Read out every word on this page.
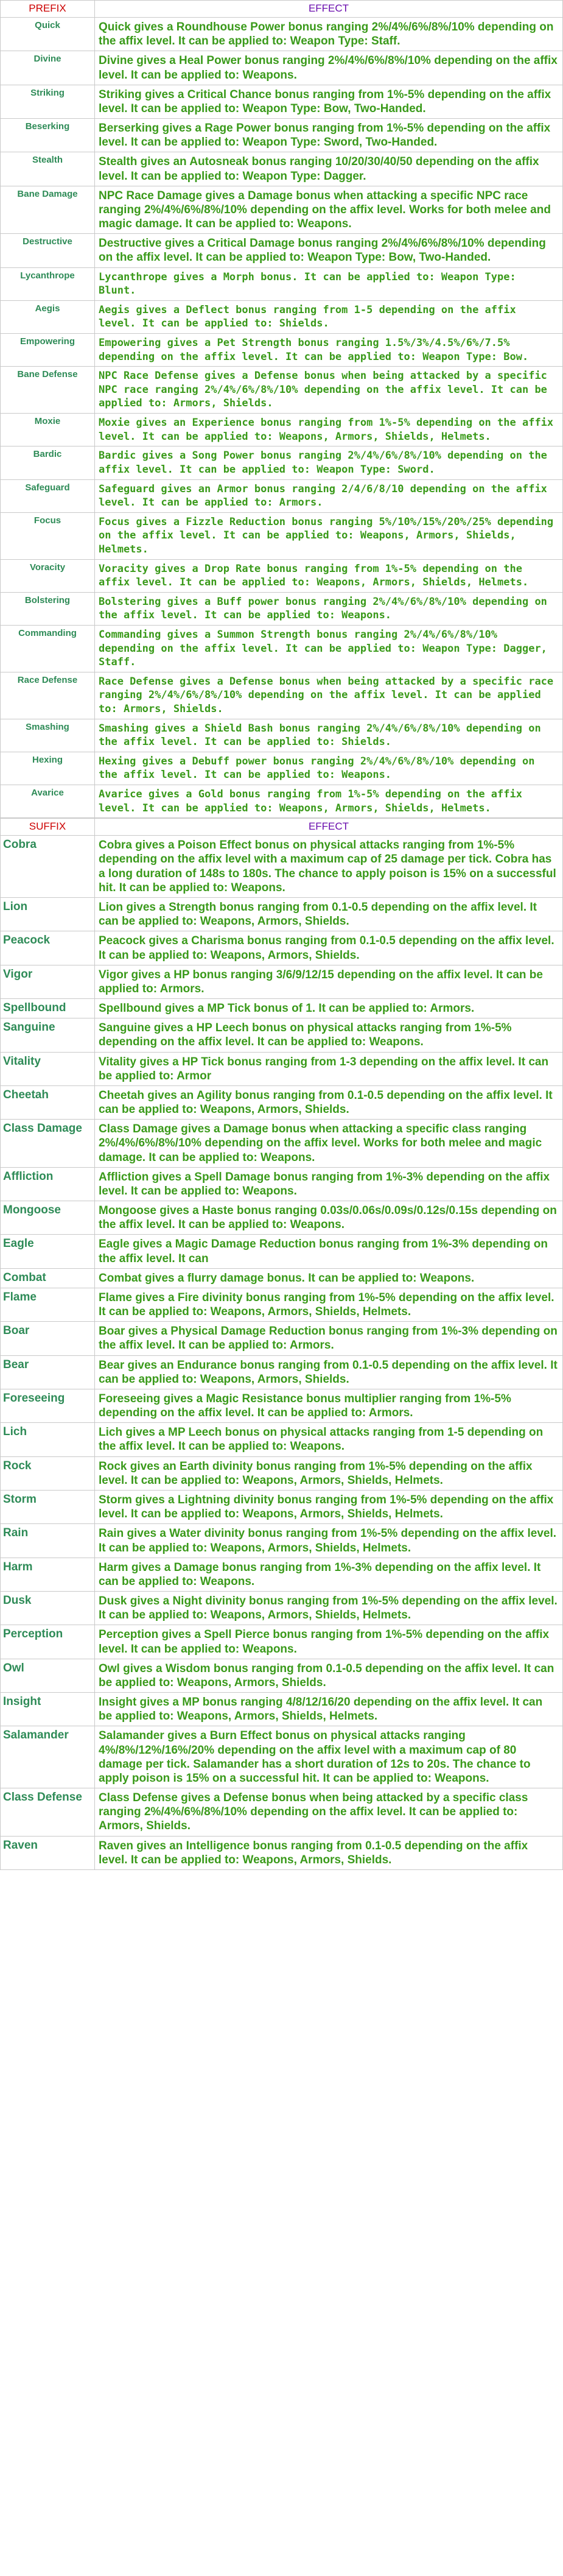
PREFIX	EFFECT
Quick	Quick gives a Roundhouse Power bonus ranging 2%/4%/6%/8%/10% depending on the affix level. It can be applied to: Weapon Type: Staff.
Divine	Divine gives a Heal Power bonus ranging 2%/4%/6%/8%/10% depending on the affix level. It can be applied to: Weapons.
Striking	Striking gives a Critical Chance bonus ranging from 1%-5% depending on the affix level. It can be applied to: Weapon Type: Bow, Two-Handed.
Beserking	Berserking gives a Rage Power bonus ranging from 1%-5% depending on the affix level. It can be applied to: Weapon Type: Sword, Two-Handed.
Stealth	Stealth gives an Autosneak bonus ranging 10/20/30/40/50 depending on the affix level. It can be applied to: Weapon Type: Dagger.
Bane Damage	NPC Race Damage gives a Damage bonus when attacking a specific NPC race ranging 2%/4%/6%/8%/10% depending on the affix level. Works for both melee and magic damage. It can be applied to: Weapons.
Destructive	Destructive gives a Critical Damage bonus ranging 2%/4%/6%/8%/10% depending on the affix level. It can be applied to: Weapon Type: Bow, Two-Handed.
Lycanthrope	Lycanthrope gives a Morph bonus. It can be applied to: Weapon Type: Blunt.
Aegis	Aegis gives a Deflect bonus ranging from 1-5 depending on the affix level. It can be applied to: Shields.
Empowering	Empowering gives a Pet Strength bonus ranging 1.5%/3%/4.5%/6%/7.5% depending on the affix level. It can be applied to: Weapon Type: Bow.
Bane Defense	NPC Race Defense gives a Defense bonus when being attacked by a specific NPC race ranging 2%/4%/6%/8%/10% depending on the affix level. It can be applied to: Armors, Shields.
Moxie	Moxie gives an Experience bonus ranging from 1%-5% depending on the affix level. It can be applied to: Weapons, Armors, Shields, Helmets.
Bardic	Bardic gives a Song Power bonus ranging 2%/4%/6%/8%/10% depending on the affix level. It can be applied to: Weapon Type: Sword.
Safeguard	Safeguard gives an Armor bonus ranging 2/4/6/8/10 depending on the affix level. It can be applied to: Armors.
Focus	Focus gives a Fizzle Reduction bonus ranging 5%/10%/15%/20%/25% depending on the affix level. It can be applied to: Weapons, Armors, Shields, Helmets.
Voracity	Voracity gives a Drop Rate bonus ranging from 1%-5% depending on the affix level. It can be applied to: Weapons, Armors, Shields, Helmets.
Bolstering	Bolstering gives a Buff power bonus ranging 2%/4%/6%/8%/10% depending on the affix level. It can be applied to: Weapons.
Commanding	Commanding gives a Summon Strength bonus ranging 2%/4%/6%/8%/10% depending on the affix level. It can be applied to: Weapon Type: Dagger, Staff.
Race Defense	Race Defense gives a Defense bonus when being attacked by a specific race ranging 2%/4%/6%/8%/10% depending on the affix level. It can be applied to: Armors, Shields.
Smashing	Smashing gives a Shield Bash bonus ranging 2%/4%/6%/8%/10% depending on the affix level. It can be applied to: Shields.
Hexing	Hexing gives a Debuff power bonus ranging 2%/4%/6%/8%/10% depending on the affix level. It can be applied to: Weapons.
Avarice	Avarice gives a Gold bonus ranging from 1%-5% depending on the affix level. It can be applied to: Weapons, Armors, Shields, Helmets.
SUFFIX	EFFECT
Cobra	Cobra gives a Poison Effect bonus on physical attacks ranging from 1%-5% depending on the affix level with a maximum cap of 25 damage per tick. Cobra has a long duration of 148s to 180s. The chance to apply poison is 15% on a successful hit. It can be applied to: Weapons.
Lion	Lion gives a Strength bonus ranging from 0.1-0.5 depending on the affix level. It can be applied to: Weapons, Armors, Shields.
Peacock	Peacock gives a Charisma bonus ranging from 0.1-0.5 depending on the affix level. It can be applied to: Weapons, Armors, Shields.
Vigor	Vigor gives a HP bonus ranging 3/6/9/12/15 depending on the affix level. It can be applied to: Armors.
Spellbound	Spellbound gives a MP Tick bonus of 1. It can be applied to: Armors.
Sanguine	Sanguine gives a HP Leech bonus on physical attacks ranging from 1%-5% depending on the affix level. It can be applied to: Weapons.
Vitality	Vitality gives a HP Tick bonus ranging from 1-3 depending on the affix level. It can be applied to: Armor
Cheetah	Cheetah gives an Agility bonus ranging from 0.1-0.5 depending on the affix level. It can be applied to: Weapons, Armors, Shields.
Class Damage	Class Damage gives a Damage bonus when attacking a specific class ranging 2%/4%/6%/8%/10% depending on the affix level. Works for both melee and magic damage. It can be applied to: Weapons.
Affliction	Affliction gives a Spell Damage bonus ranging from 1%-3% depending on the affix level. It can be applied to: Weapons.
Mongoose	Mongoose gives a Haste bonus ranging 0.03s/0.06s/0.09s/0.12s/0.15s depending on the affix level. It can be applied to: Weapons.
Eagle	Eagle gives a Magic Damage Reduction bonus ranging from 1%-3% depending on the affix level. It can
Combat	Combat gives a flurry damage bonus. It can be applied to: Weapons.
Flame	Flame gives a Fire divinity bonus ranging from 1%-5% depending on the affix level. It can be applied to: Weapons, Armors, Shields, Helmets.
Boar	Boar gives a Physical Damage Reduction bonus ranging from 1%-3% depending on the affix level. It can be applied to: Armors.
Bear	Bear gives an Endurance bonus ranging from 0.1-0.5 depending on the affix level. It can be applied to: Weapons, Armors, Shields.
Foreseeing	Foreseeing gives a Magic Resistance bonus multiplier ranging from 1%-5% depending on the affix level. It can be applied to: Armors.
Lich	Lich gives a MP Leech bonus on physical attacks ranging from 1-5 depending on the affix level. It can be applied to: Weapons.
Rock	Rock gives an Earth divinity bonus ranging from 1%-5% depending on the affix level. It can be applied to: Weapons, Armors, Shields, Helmets.
Storm	Storm gives a Lightning divinity bonus ranging from 1%-5% depending on the affix level. It can be applied to: Weapons, Armors, Shields, Helmets.
Rain	Rain gives a Water divinity bonus ranging from 1%-5% depending on the affix level. It can be applied to: Weapons, Armors, Shields, Helmets.
Harm	Harm gives a Damage bonus ranging from 1%-3% depending on the affix level. It can be applied to: Weapons.
Dusk	Dusk gives a Night divinity bonus ranging from 1%-5% depending on the affix level. It can be applied to: Weapons, Armors, Shields, Helmets.
Perception	Perception gives a Spell Pierce bonus ranging from 1%-5% depending on the affix level. It can be applied to: Weapons.
Owl	Owl gives a Wisdom bonus ranging from 0.1-0.5 depending on the affix level. It can be applied to: Weapons, Armors, Shields.
Insight	Insight gives a MP bonus ranging 4/8/12/16/20 depending on the affix level. It can be applied to: Weapons, Armors, Shields, Helmets.
Salamander	Salamander gives a Burn Effect bonus on physical attacks ranging 4%/8%/12%/16%/20% depending on the affix level with a maximum cap of 80 damage per tick. Salamander has a short duration of 12s to 20s. The chance to apply poison is 15% on a successful hit. It can be applied to: Weapons.
Class Defense	Class Defense gives a Defense bonus when being attacked by a specific class ranging 2%/4%/6%/8%/10% depending on the affix level. It can be applied to: Armors, Shields.
Raven	Raven gives an Intelligence bonus ranging from 0.1-0.5 depending on the affix level. It can be applied to: Weapons, Armors, Shields.
